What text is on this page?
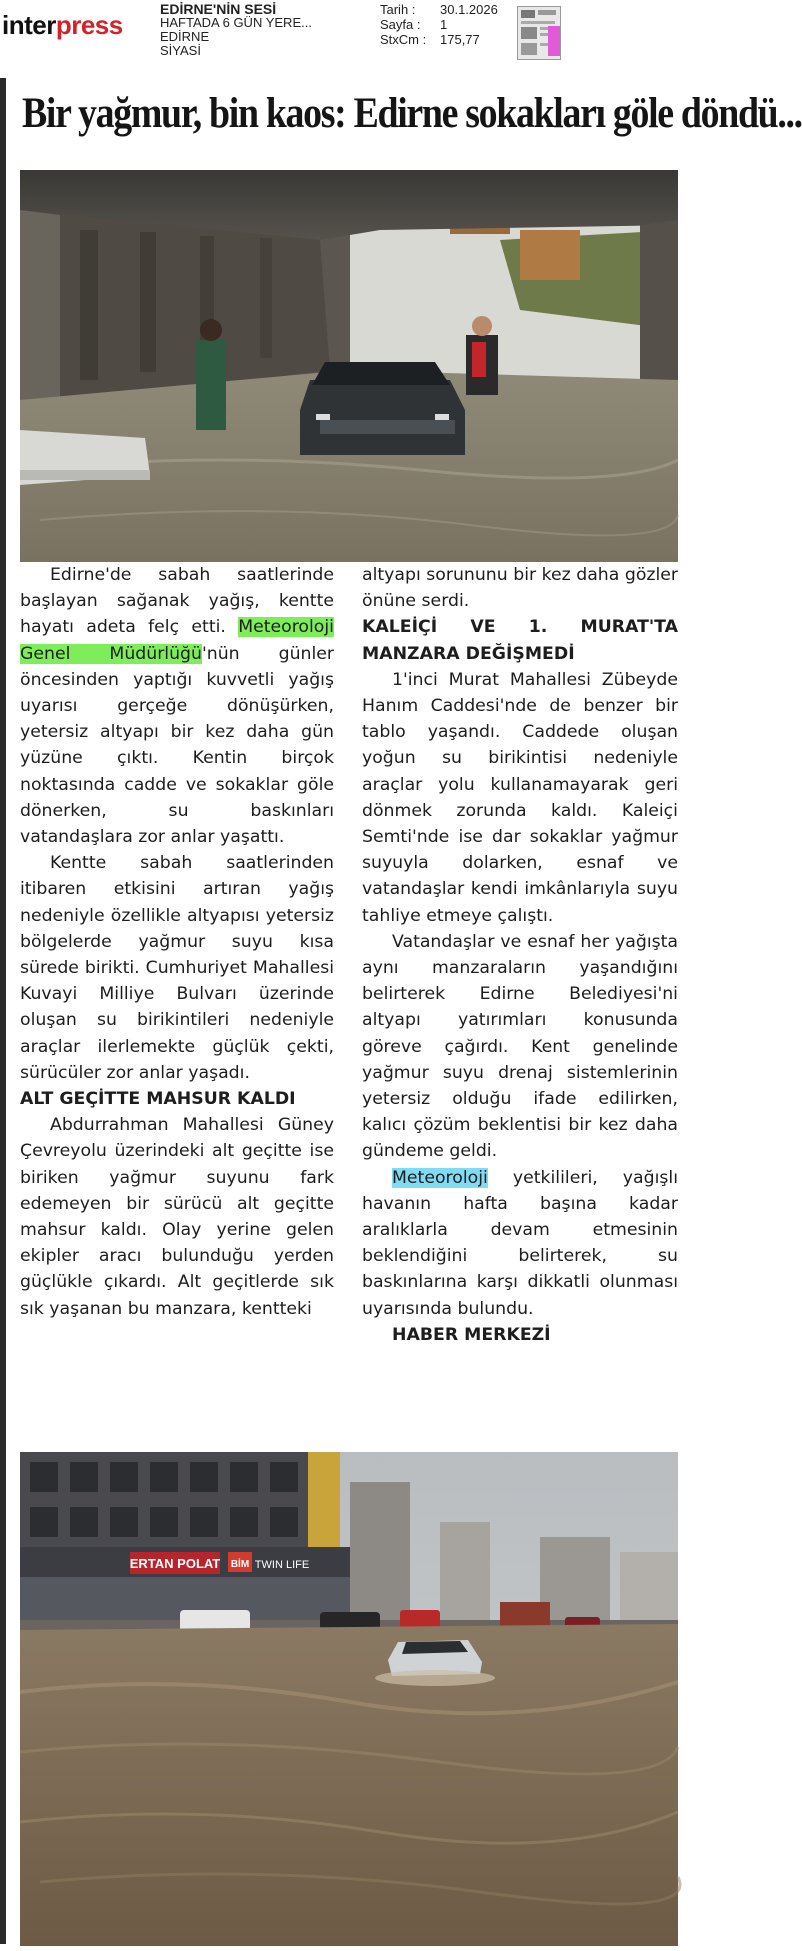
interpress
EDİRNE'NİN SESİ
HAFTADA 6 GÜN YERE...
EDİRNE
SİYASİ
Tarih :	30.1.2026
Sayfa :	1
StxCm :	175,77
Bir yağmur, bin kaos: Edirne sokakları göle döndü...

Edirne'de sabah saatlerinde başlayan sağanak yağış, kentte hayatı adeta felç etti. Meteoroloji Genel Müdürlüğü'nün günler öncesinden yaptığı kuvvetli yağış uyarısı gerçeğe dönüşürken, yetersiz altyapı bir kez daha gün yüzüne çıktı. Kentin birçok noktasında cadde ve sokaklar göle dönerken, su baskınları vatandaşlara zor anlar yaşattı.

Kentte sabah saatlerinden itibaren etkisini artıran yağış nedeniyle özellikle altyapısı yetersiz bölgelerde yağmur suyu kısa sürede birikti. Cumhuriyet Mahallesi Kuvayi Milliye Bulvarı üzerinde oluşan su birikintileri nedeniyle araçlar ilerlemekte güçlük çekti, sürücüler zor anlar yaşadı.

ALT GEÇİTTE MAHSUR KALDI

Abdurrahman Mahallesi Güney Çevreyolu üzerindeki alt geçitte ise biriken yağmur suyunu fark edemeyen bir sürücü alt geçitte mahsur kaldı. Olay yerine gelen ekipler aracı bulunduğu yerden güçlükle çıkardı. Alt geçitlerde sık sık yaşanan bu manzara, kentteki

altyapı sorununu bir kez daha gözler önüne serdi.

KALEİÇİ VE 1. MURAT'TA MANZARA DEĞİŞMEDİ

1'inci Murat Mahallesi Zübeyde Hanım Caddesi'nde de benzer bir tablo yaşandı. Caddede oluşan yoğun su birikintisi nedeniyle araçlar yolu kullanamayarak geri dönmek zorunda kaldı. Kaleiçi Semti'nde ise dar sokaklar yağmur suyuyla dolarken, esnaf ve vatandaşlar kendi imkânlarıyla suyu tahliye etmeye çalıştı.

Vatandaşlar ve esnaf her yağışta aynı manzaraların yaşandığını belirterek Edirne Belediyesi'ni altyapı yatırımları konusunda göreve çağırdı. Kent genelinde yağmur suyu drenaj sistemlerinin yetersiz olduğu ifade edilirken, kalıcı çözüm beklentisi bir kez daha gündeme geldi.

Meteoroloji yetkilileri, yağışlı havanın hafta başına kadar aralıklarla devam etmesinin beklendiğini belirterek, su baskınlarına karşı dikkatli olunması uyarısında bulundu.

HABER MERKEZİ

ERTAN POLAT BİM TWIN LIFE
